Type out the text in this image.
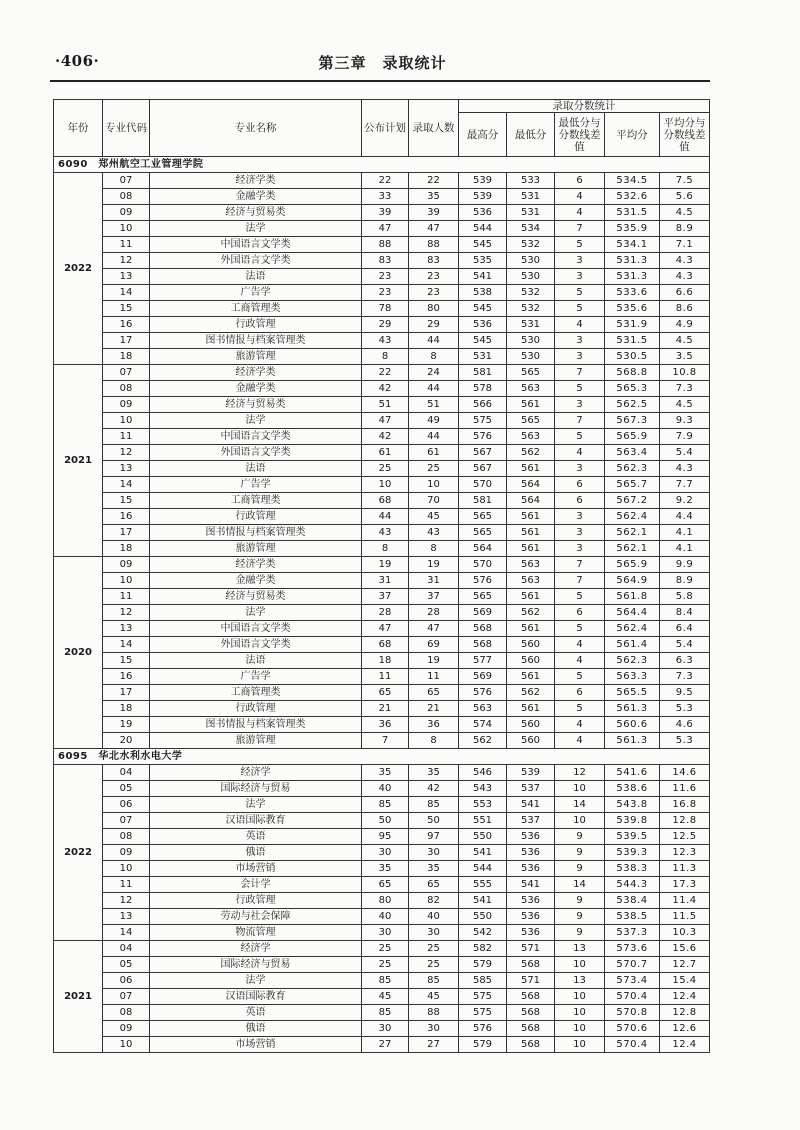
·406·	第三章　录取统计
年份	专业代码	专业名称	公布计划	录取人数	录取分数统计				
					最高分	最低分	最低分与分数线差值	平均分	平均分与分数线差值
6090　郑州航空工业管理学院									
2022	07	经济学类	22	22	539	533	6	534.5	7.5
	08	金融学类	33	35	539	531	4	532.6	5.6
	09	经济与贸易类	39	39	536	531	4	531.5	4.5
	10	法学	47	47	544	534	7	535.9	8.9
	11	中国语言文学类	88	88	545	532	5	534.1	7.1
	12	外国语言文学类	83	83	535	530	3	531.3	4.3
	13	法语	23	23	541	530	3	531.3	4.3
	14	广告学	23	23	538	532	5	533.6	6.6
	15	工商管理类	78	80	545	532	5	535.6	8.6
	16	行政管理	29	29	536	531	4	531.9	4.9
	17	图书情报与档案管理类	43	44	545	530	3	531.5	4.5
	18	旅游管理	8	8	531	530	3	530.5	3.5
2021	07	经济学类	22	24	581	565	7	568.8	10.8
	08	金融学类	42	44	578	563	5	565.3	7.3
	09	经济与贸易类	51	51	566	561	3	562.5	4.5
	10	法学	47	49	575	565	7	567.3	9.3
	11	中国语言文学类	42	44	576	563	5	565.9	7.9
	12	外国语言文学类	61	61	567	562	4	563.4	5.4
	13	法语	25	25	567	561	3	562.3	4.3
	14	广告学	10	10	570	564	6	565.7	7.7
	15	工商管理类	68	70	581	564	6	567.2	9.2
	16	行政管理	44	45	565	561	3	562.4	4.4
	17	图书情报与档案管理类	43	43	565	561	3	562.1	4.1
	18	旅游管理	8	8	564	561	3	562.1	4.1
2020	09	经济学类	19	19	570	563	7	565.9	9.9
	10	金融学类	31	31	576	563	7	564.9	8.9
	11	经济与贸易类	37	37	565	561	5	561.8	5.8
	12	法学	28	28	569	562	6	564.4	8.4
	13	中国语言文学类	47	47	568	561	5	562.4	6.4
	14	外国语言文学类	68	69	568	560	4	561.4	5.4
	15	法语	18	19	577	560	4	562.3	6.3
	16	广告学	11	11	569	561	5	563.3	7.3
	17	工商管理类	65	65	576	562	6	565.5	9.5
	18	行政管理	21	21	563	561	5	561.3	5.3
	19	图书情报与档案管理类	36	36	574	560	4	560.6	4.6
	20	旅游管理	7	8	562	560	4	561.3	5.3
6095　华北水利水电大学									
2022	04	经济学	35	35	546	539	12	541.6	14.6
	05	国际经济与贸易	40	42	543	537	10	538.6	11.6
	06	法学	85	85	553	541	14	543.8	16.8
	07	汉语国际教育	50	50	551	537	10	539.8	12.8
	08	英语	95	97	550	536	9	539.5	12.5
	09	俄语	30	30	541	536	9	539.3	12.3
	10	市场营销	35	35	544	536	9	538.3	11.3
	11	会计学	65	65	555	541	14	544.3	17.3
	12	行政管理	80	82	541	536	9	538.4	11.4
	13	劳动与社会保障	40	40	550	536	9	538.5	11.5
	14	物流管理	30	30	542	536	9	537.3	10.3
2021	04	经济学	25	25	582	571	13	573.6	15.6
	05	国际经济与贸易	25	25	579	568	10	570.7	12.7
	06	法学	85	85	585	571	13	573.4	15.4
	07	汉语国际教育	45	45	575	568	10	570.4	12.4
	08	英语	85	88	575	568	10	570.8	12.8
	09	俄语	30	30	576	568	10	570.6	12.6
	10	市场营销	27	27	579	568	10	570.4	12.4
